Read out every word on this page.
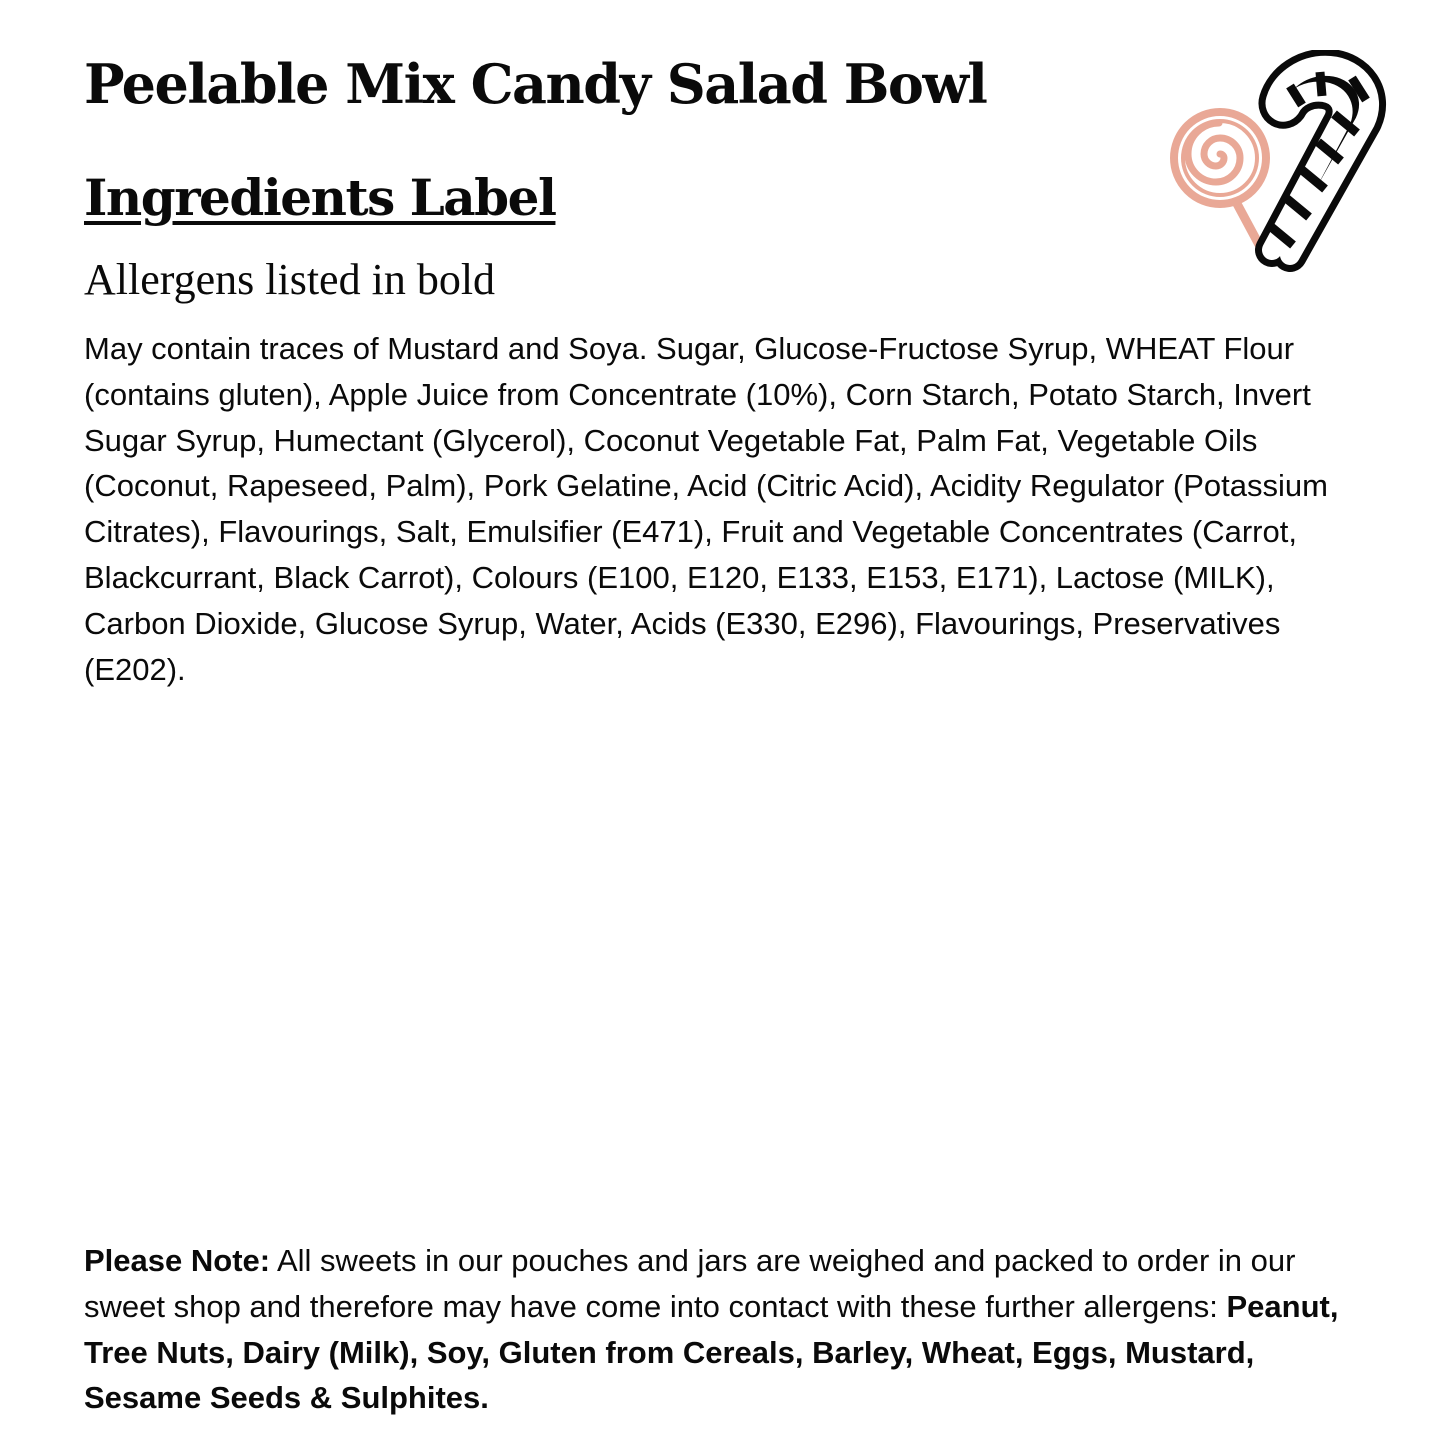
Peelable Mix Candy Salad Bowl
Ingredients Label

Allergens listed in bold

May contain traces of Mustard and Soya. Sugar, Glucose-Fructose Syrup, WHEAT Flour (contains gluten), Apple Juice from Concentrate (10%), Corn Starch, Potato Starch, Invert Sugar Syrup, Humectant (Glycerol), Coconut Vegetable Fat, Palm Fat, Vegetable Oils (Coconut, Rapeseed, Palm), Pork Gelatine, Acid (Citric Acid), Acidity Regulator (Potassium Citrates), Flavourings, Salt, Emulsifier (E471), Fruit and Vegetable Concentrates (Carrot, Blackcurrant, Black Carrot), Colours (E100, E120, E133, E153, E171), Lactose (MILK), Carbon Dioxide, Glucose Syrup, Water, Acids (E330, E296), Flavourings, Preservatives (E202).

Please Note: All sweets in our pouches and jars are weighed and packed to order in our sweet shop and therefore may have come into contact with these further allergens: Peanut, Tree Nuts, Dairy (Milk), Soy, Gluten from Cereals, Barley, Wheat, Eggs, Mustard, Sesame Seeds & Sulphites.
